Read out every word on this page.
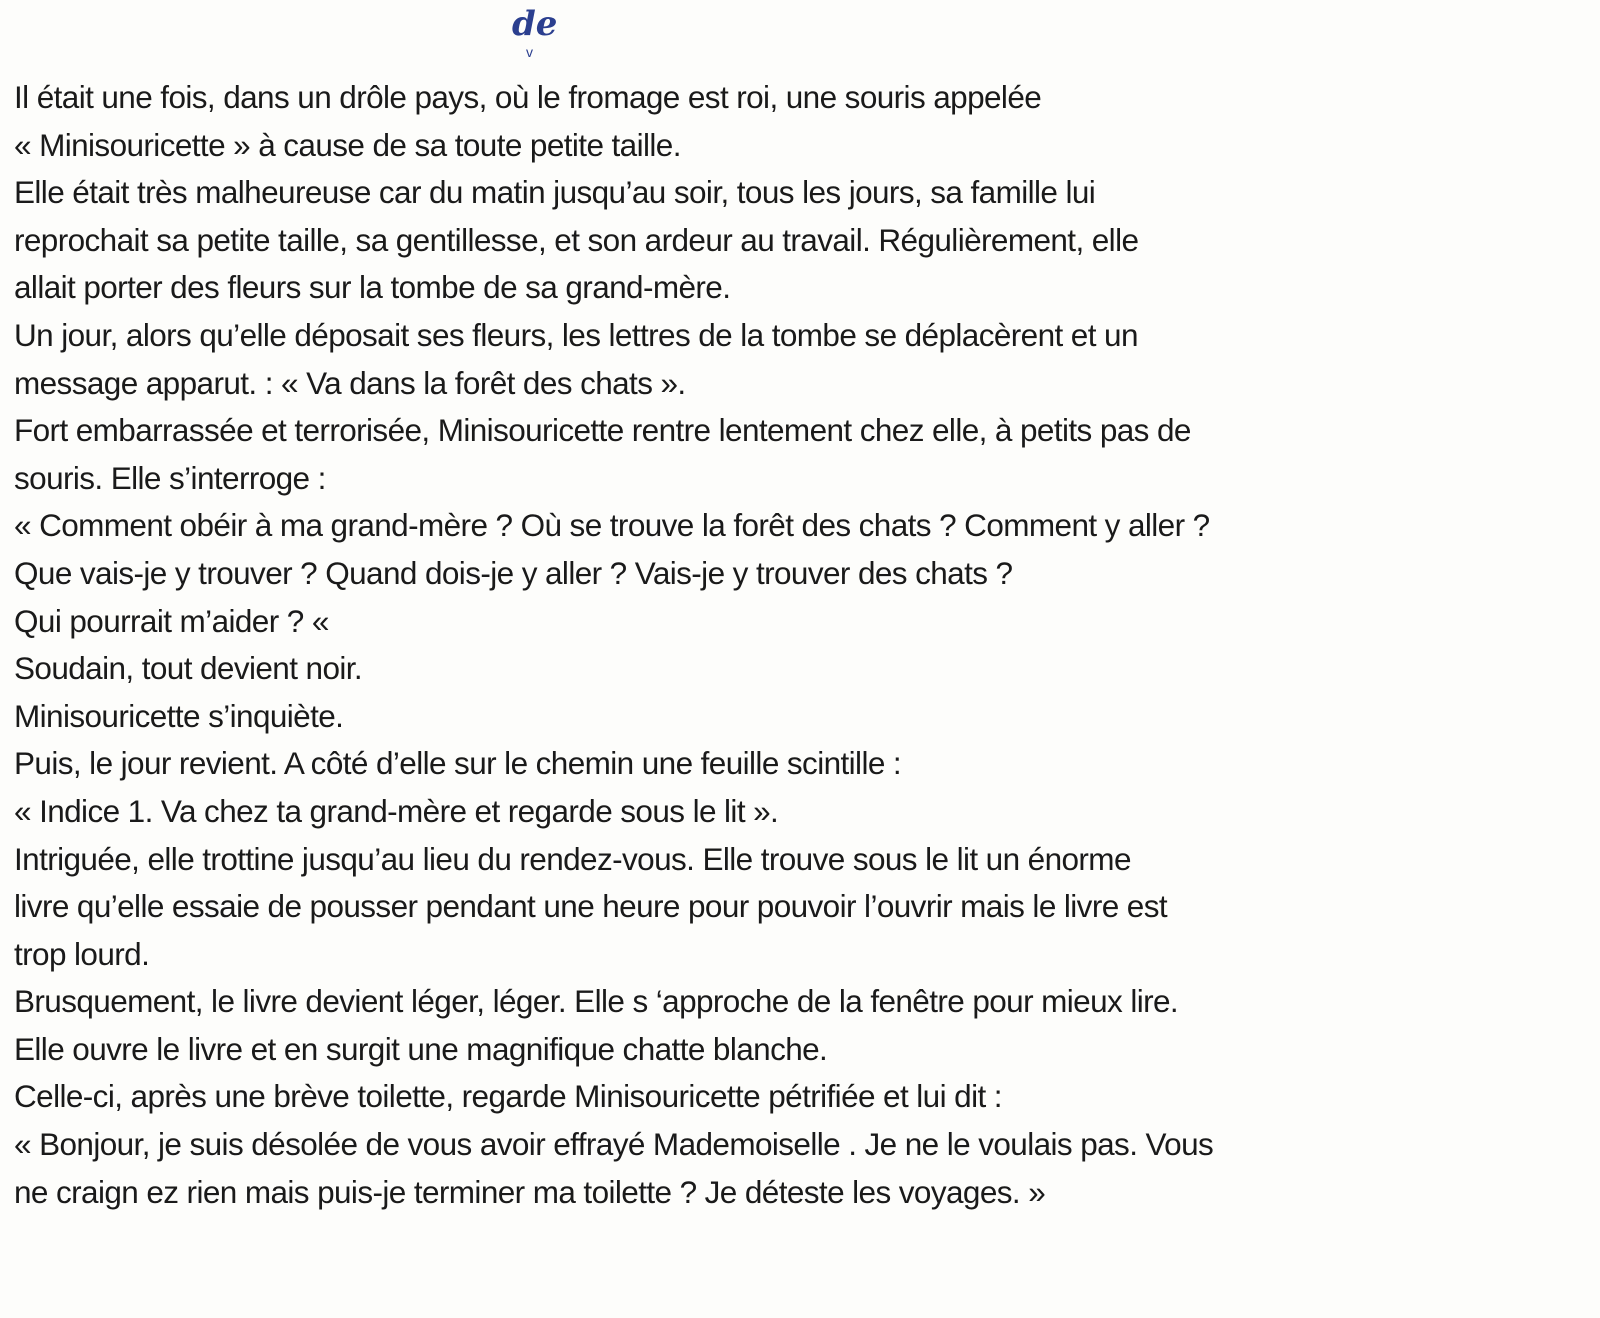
de
v
Il était une fois, dans un drôle pays, où le fromage est roi, une souris appelée
« Minisouricette » à cause de sa toute petite taille.
Elle était très malheureuse car du matin jusqu’au soir, tous les jours, sa famille lui
reprochait sa petite taille, sa gentillesse, et son ardeur au travail. Régulièrement, elle
allait porter des fleurs sur la tombe de sa grand-mère.
Un jour, alors qu’elle déposait ses fleurs, les lettres de la tombe se déplacèrent et un
message apparut. : « Va dans la forêt des chats ».
Fort embarrassée et terrorisée, Minisouricette rentre lentement chez elle, à petits pas de
souris. Elle s’interroge :
« Comment obéir à ma grand-mère ? Où se trouve la forêt des chats ? Comment y aller ?
Que vais-je y trouver ? Quand dois-je y aller ? Vais-je y trouver des chats ?
Qui pourrait m’aider ? «
Soudain, tout devient noir.
Minisouricette s’inquiète.
Puis, le jour revient. A côté d’elle sur le chemin une feuille scintille :
« Indice 1. Va chez ta grand-mère et regarde sous le lit ».
Intriguée, elle trottine jusqu’au lieu du rendez-vous. Elle trouve sous le lit un énorme
livre qu’elle essaie de pousser pendant une heure pour pouvoir l’ouvrir mais le livre est
trop lourd.
Brusquement, le livre devient léger, léger. Elle s ‘approche de la fenêtre pour mieux lire.
Elle ouvre le livre et en surgit une magnifique chatte blanche.
Celle-ci, après une brève toilette, regarde Minisouricette pétrifiée et lui dit :
« Bonjour, je suis désolée de vous avoir effrayé Mademoiselle . Je ne le voulais pas. Vous
ne craign ez rien mais puis-je terminer ma toilette ? Je déteste les voyages. »
